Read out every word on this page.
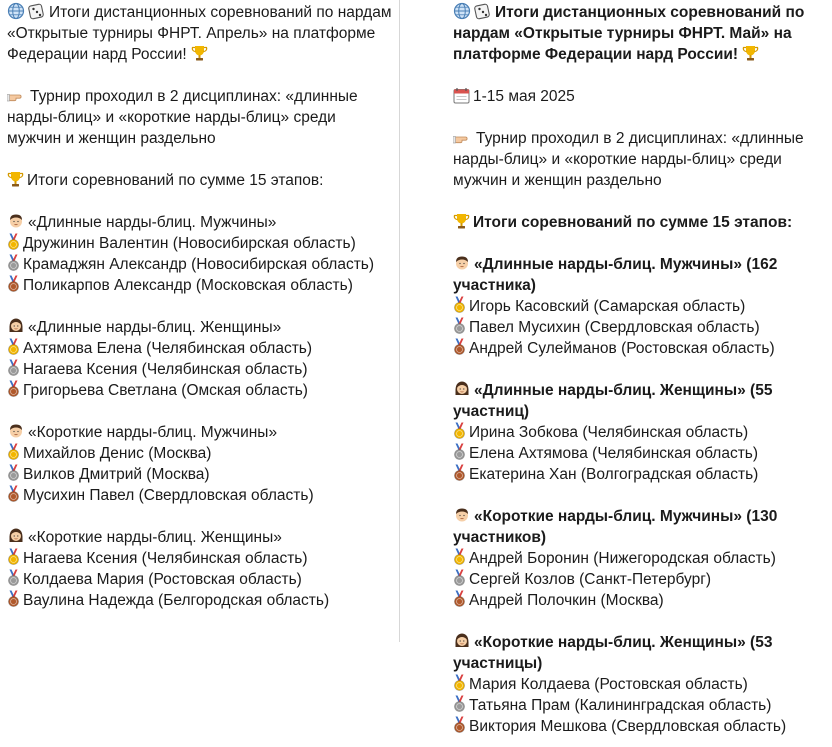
Итоги дистанционных соревнований по нардам «Открытые турниры ФНРТ. Апрель» на платформе Федерации нард России!

Турнир проходил в 2 дисциплинах: «длинные нарды-блиц» и «короткие нарды-блиц» среди мужчин и женщин раздельно

Итоги соревнований по сумме 15 этапов:

«Длинные нарды-блиц. Мужчины»

Дружинин Валентин (Новосибирская область)

Крамаджян Александр (Новосибирская область)

Поликарпов Александр (Московская область)

«Длинные нарды-блиц. Женщины»

Ахтямова Елена (Челябинская область)

Нагаева Ксения (Челябинская область)

Григорьева Светлана (Омская область)

«Короткие нарды-блиц. Мужчины»

Михайлов Денис (Москва)

Вилков Дмитрий (Москва)

Мусихин Павел (Свердловская область)

«Короткие нарды-блиц. Женщины»

Нагаева Ксения (Челябинская область)

Колдаева Мария (Ростовская область)

Ваулина Надежда (Белгородская область)

Итоги дистанционных соревнований по нардам «Открытые турниры ФНРТ. Май» на платформе Федерации нард России!

1-15 мая 2025

Турнир проходил в 2 дисциплинах: «длинные нарды-блиц» и «короткие нарды-блиц» среди мужчин и женщин раздельно

Итоги соревнований по сумме 15 этапов:

«Длинные нарды-блиц. Мужчины» (162 участника)

Игорь Касовский (Самарская область)

Павел Мусихин (Свердловская область)

Андрей Сулейманов (Ростовская область)

«Длинные нарды-блиц. Женщины» (55 участниц)

Ирина Зобкова (Челябинская область)

Елена Ахтямова (Челябинская область)

Екатерина Хан (Волгоградская область)

«Короткие нарды-блиц. Мужчины» (130 участников)

Андрей Боронин (Нижегородская область)

Сергей Козлов (Санкт-Петербург)

Андрей Полочкин (Москва)

«Короткие нарды-блиц. Женщины» (53 участницы)

Мария Колдаева (Ростовская область)

Татьяна Прам (Калининградская область)

Виктория Мешкова (Свердловская область)
